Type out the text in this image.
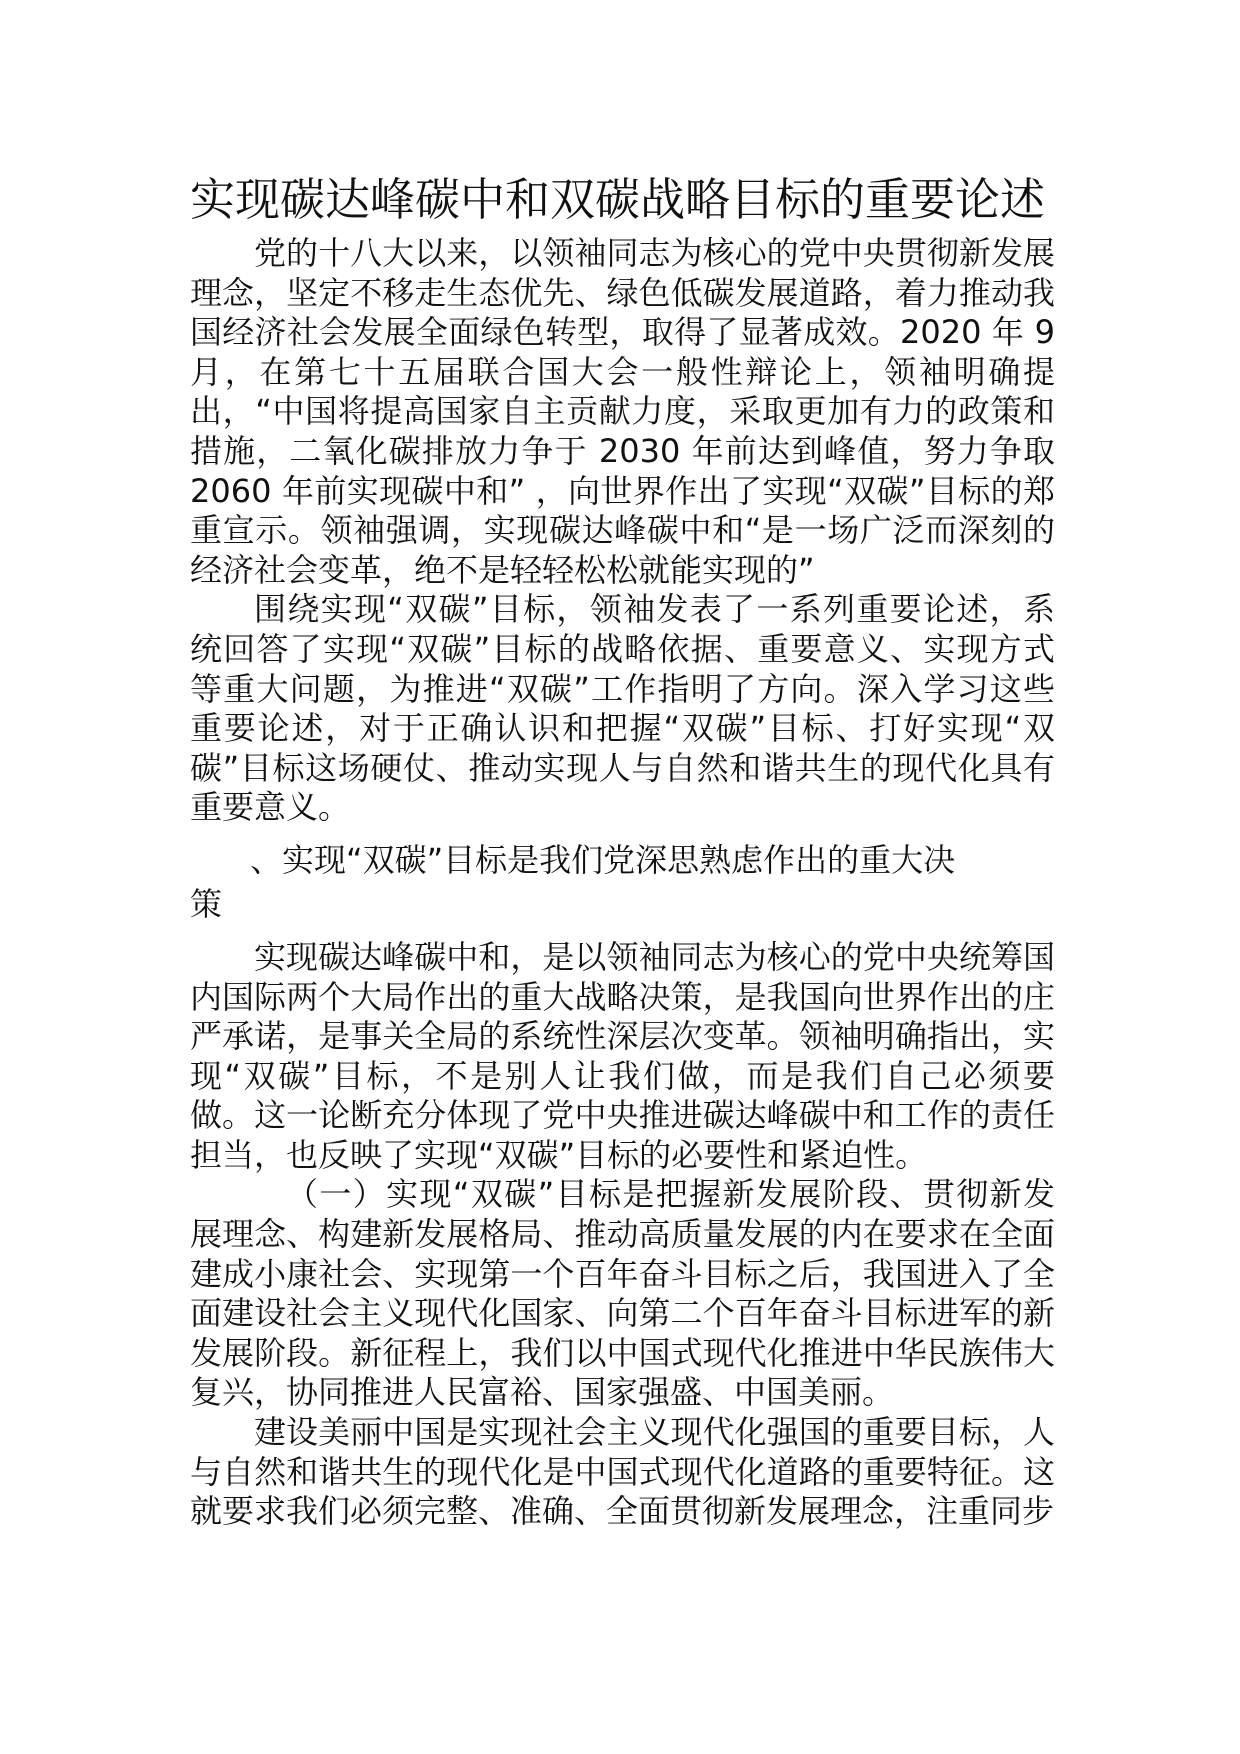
实现碳达峰碳中和双碳战略目标的重要论述

党的十八大以来，以领袖同志为核心的党中央贯彻新发展理念，坚定不移走生态优先、绿色低碳发展道路，着力推动我国经济社会发展全面绿色转型，取得了显著成效。2020 年 9 月，在第七十五届联合国大会一般性辩论上，领袖明确提出，“中国将提高国家自主贡献力度，采取更加有力的政策和措施，二氧化碳排放力争于 2030 年前达到峰值，努力争取 2060 年前实现碳中和” ，向世界作出了实现“双碳”目标的郑重宣示。领袖强调，实现碳达峰碳中和“是一场广泛而深刻的经济社会变革，绝不是轻轻松松就能实现的”

围绕实现“双碳”目标，领袖发表了一系列重要论述，系统回答了实现“双碳”目标的战略依据、重要意义、实现方式等重大问题，为推进“双碳”工作指明了方向。深入学习这些重要论述，对于正确认识和把握“双碳”目标、打好实现“双碳”目标这场硬仗、推动实现人与自然和谐共生的现代化具有重要意义。

、实现“双碳”目标是我们党深思熟虑作出的重大决
策

实现碳达峰碳中和，是以领袖同志为核心的党中央统筹国内国际两个大局作出的重大战略决策，是我国向世界作出的庄严承诺，是事关全局的系统性深层次变革。领袖明确指出，实现“双碳”目标，不是别人让我们做，而是我们自己必须要做。这一论断充分体现了党中央推进碳达峰碳中和工作的责任担当，也反映了实现“双碳”目标的必要性和紧迫性。

（一）实现“双碳”目标是把握新发展阶段、贯彻新发展理念、构建新发展格局、推动高质量发展的内在要求在全面建成小康社会、实现第一个百年奋斗目标之后，我国进入了全面建设社会主义现代化国家、向第二个百年奋斗目标进军的新发展阶段。新征程上，我们以中国式现代化推进中华民族伟大复兴，协同推进人民富裕、国家强盛、中国美丽。

建设美丽中国是实现社会主义现代化强国的重要目标，人与自然和谐共生的现代化是中国式现代化道路的重要特征。这就要求我们必须完整、准确、全面贯彻新发展理念，注重同步
